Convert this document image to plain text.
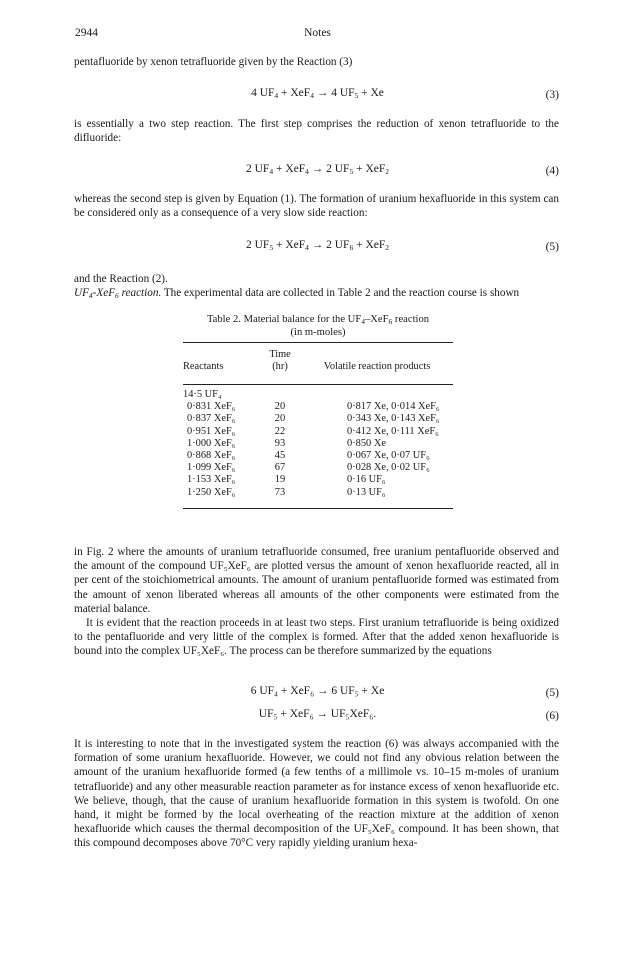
2944	Notes
pentafluoride by xenon tetrafluoride given by the Reaction (3)
4 $UF_4 + XeF_4 \to 4$ $UF_5 + Xe$	(3)
is essentially a two step reaction. The first step comprises the reduction of xenon tetrafluoride to the difluoride:
2 $UF_4 + XeF_4 \to 2$ $UF_5 + XeF_2$	(4)
whereas the second step is given by Equation (1). The formation of uranium hexafluoride in this system can be considered only as a consequence of a very slow side reaction:
2 $UF_5 + XeF_4 \to 2$ $UF_6 + XeF_2$	(5)
and the Reaction (2).
$UF_4-XeF_6$ reaction. The experimental data are collected in Table 2 and the reaction course is shown
Table 2. Material balance for the $UF_4-XeF_6$ reaction
(in m-moles)
	Time	
Reactants	(hr)	Volatile reaction products
14·5 UF₄		
0·831 XeF₆	20	0·817 Xe, 0·014 XeF₆
0·837 XeF₆	20	0·343 Xe, 0·143 XeF₆
0·951 XeF₆	22	0·412 Xe, 0·111 XeF₆
1·000 XeF₆	93	0·850 Xe
0·868 XeF₆	45	0·067 Xe, 0·07 UF₆
1·099 XeF₆	67	0·028 Xe, 0·02 UF₆
1·153 XeF₆	19	0·16 UF₆
1·250 XeF₆	73	0·13 UF₆
in Fig. 2 where the amounts of uranium tetrafluoride consumed, free uranium pentafluoride observed and the amount of the compound UF₅XeF₆ are plotted versus the amount of xenon hexafluoride reacted, all in per cent of the stoichiometrical amounts. The amount of uranium pentafluoride formed was estimated from the amount of xenon liberated whereas all amounts of the other components were estimated from the material balance.
It is evident that the reaction proceeds in at least two steps. First uranium tetrafluoride is being oxidized to the pentafluoride and very little of the complex is formed. After that the added xenon hexafluoride is bound into the complex UF₅XeF₆. The process can be therefore summarized by the equations
6 UF₄ + XeF₆ → 6 UF₅ + Xe	(5)
UF₅ + XeF₆ → UF₅XeF₆.	(6)
It is interesting to note that in the investigated system the reaction (6) was always accompanied with the formation of some uranium hexafluoride. However, we could not find any obvious relation between the amount of the uranium hexafluoride formed (a few tenths of a millimole vs. 10–15 m-moles of uranium tetrafluoride) and any other measurable reaction parameter as for instance excess of xenon hexafluoride etc. We believe, though, that the cause of uranium hexafluoride formation in this system is twofold. On one hand, it might be formed by the local overheating of the reaction mixture at the addition of xenon hexafluoride which causes the thermal decomposition of the UF₅XeF₆ compound. It has been shown, that this compound decomposes above 70°C very rapidly yielding uranium hexa-
